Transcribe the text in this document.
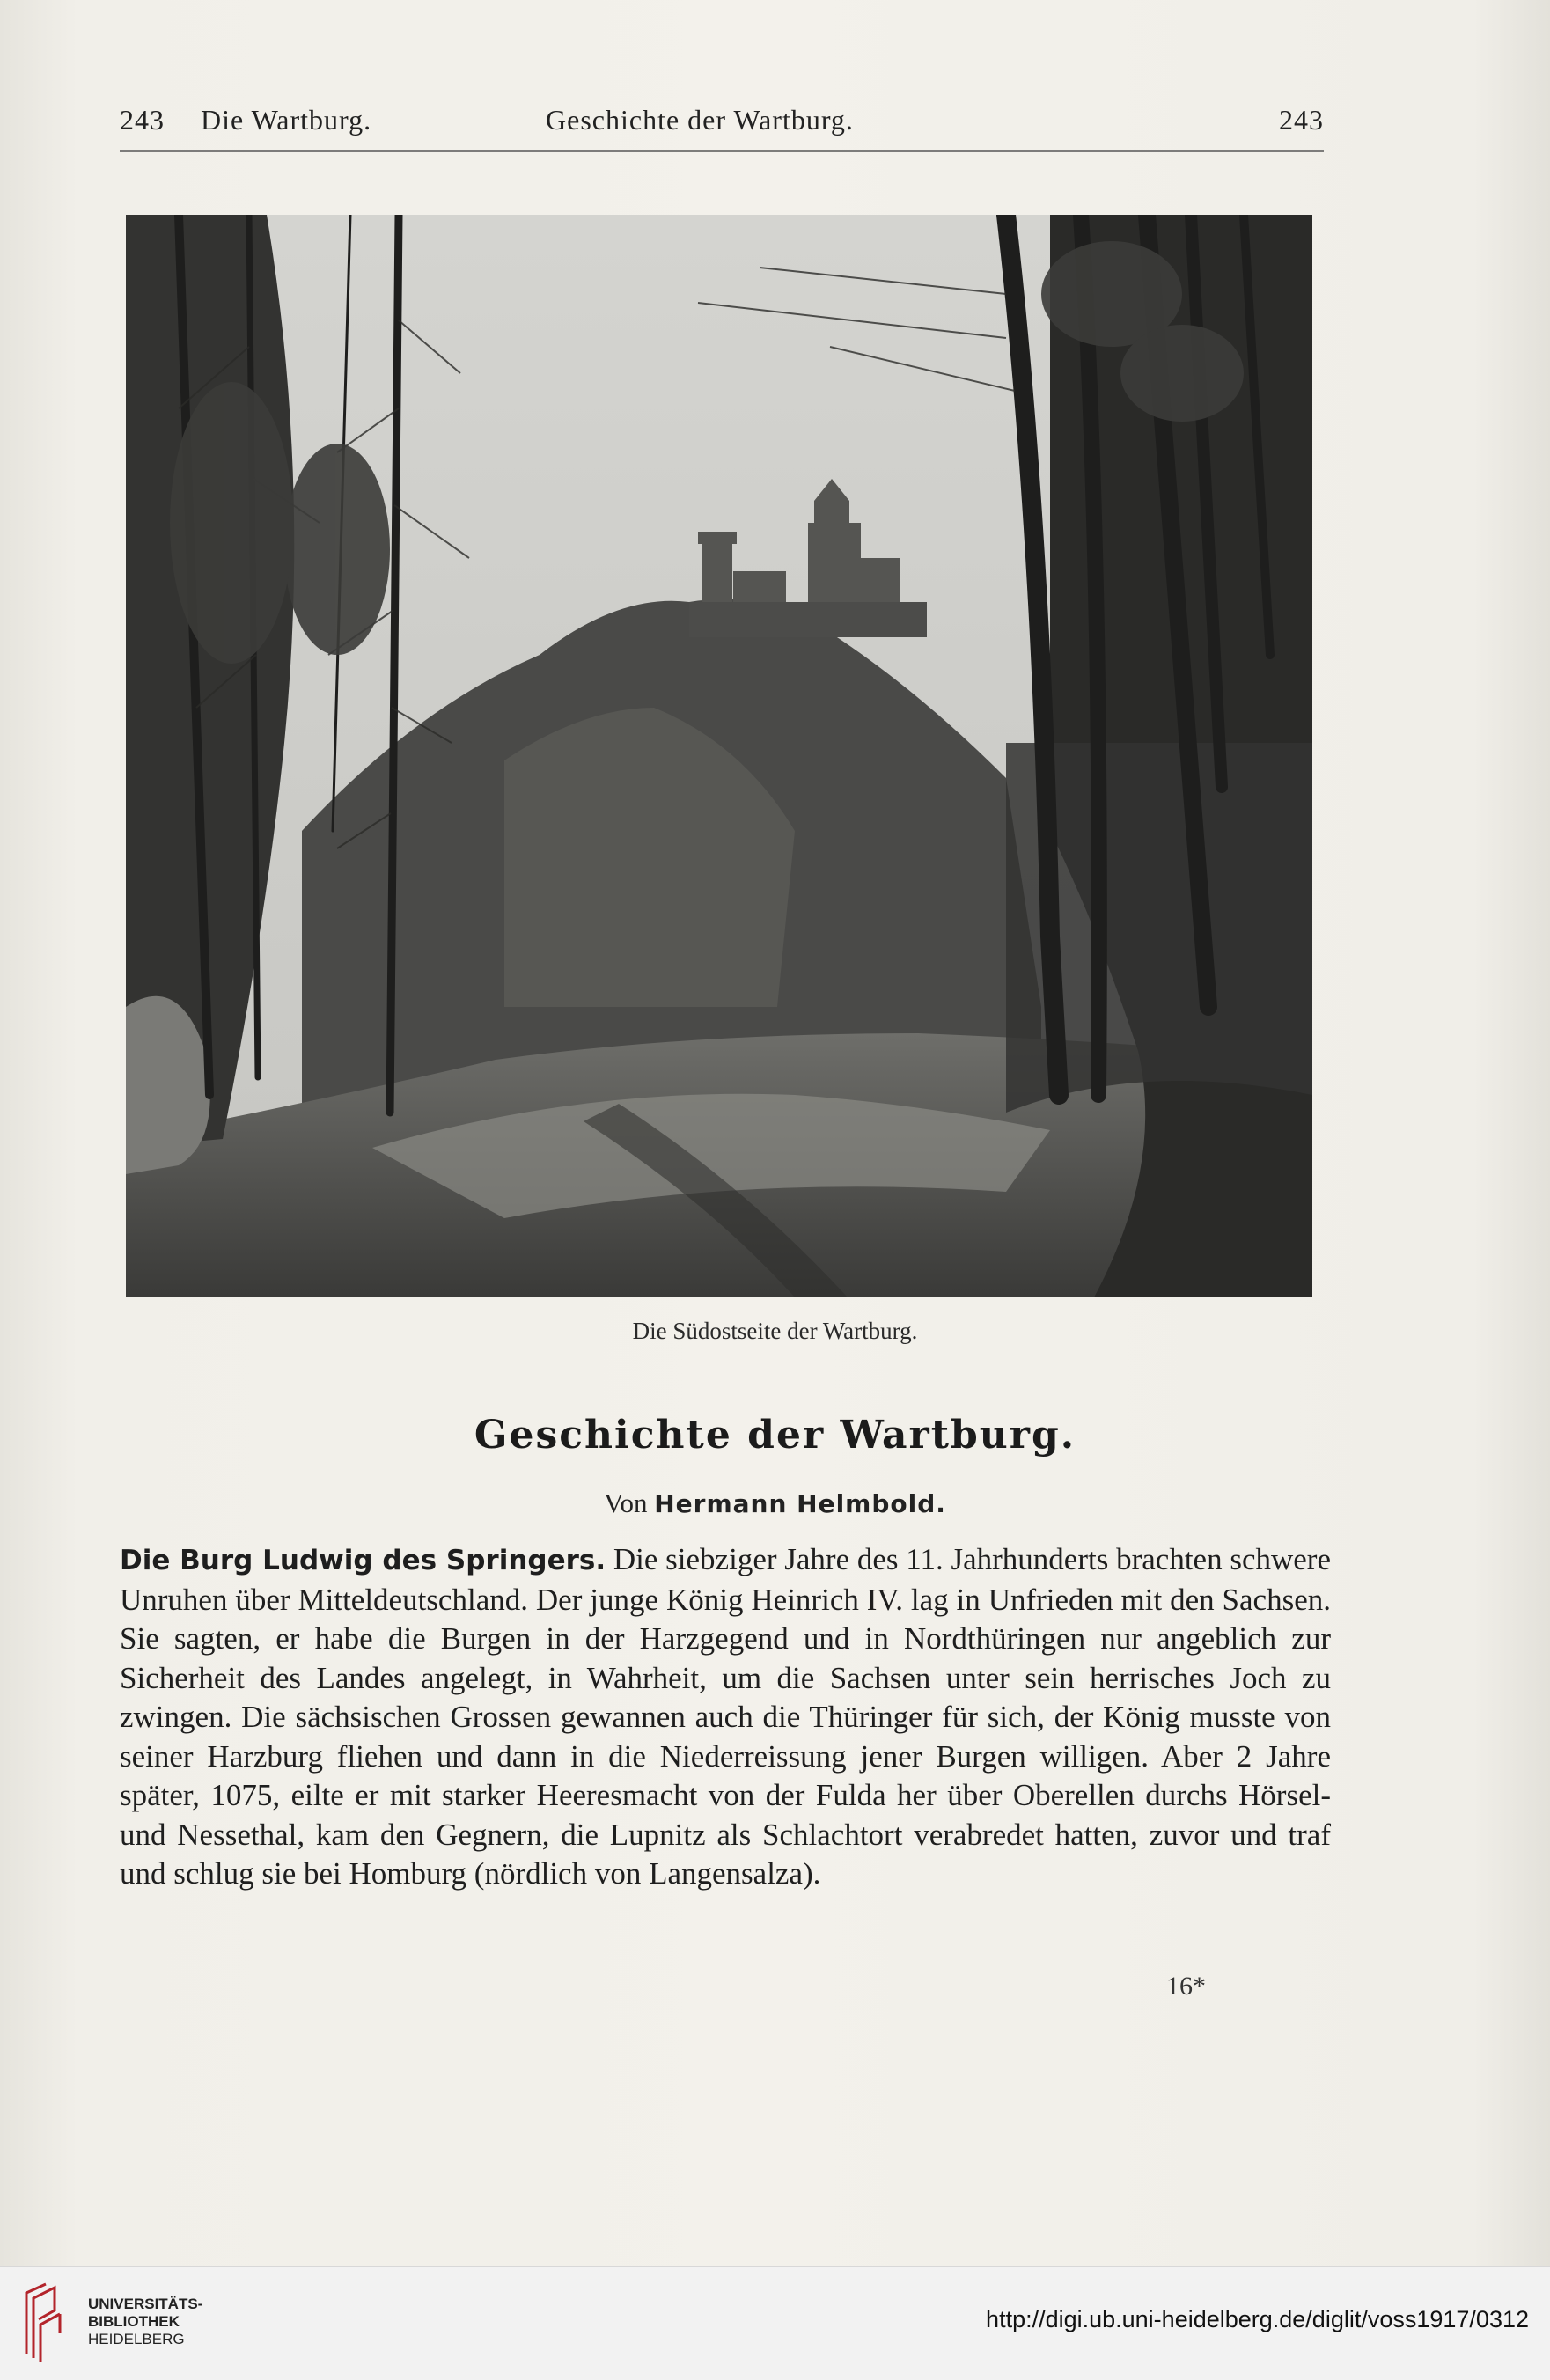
243 Die Wartburg.	Geschichte der Wartburg.	243
Die Südostseite der Wartburg.
Geschichte der Wartburg.
Von Hermann Helmbold.
Die Burg Ludwig des Springers. Die siebziger Jahre des 11. Jahrhunderts brachten schwere Unruhen über Mitteldeutschland. Der junge König Heinrich IV. lag in Unfrieden mit den Sachsen. Sie sagten, er habe die Burgen in der Harzgegend und in Nordthüringen nur angeblich zur Sicherheit des Landes angelegt, in Wahrheit, um die Sachsen unter sein herrisches Joch zu zwingen. Die sächsischen Grossen gewannen auch die Thüringer für sich, der König musste von seiner Harzburg fliehen und dann in die Niederreissung jener Burgen willigen. Aber 2 Jahre später, 1075, eilte er mit starker Heeresmacht von der Fulda her über Oberellen durchs Hörsel- und Nessethal, kam den Gegnern, die Lupnitz als Schlachtort verabredet hatten, zuvor und traf und schlug sie bei Homburg (nördlich von Langensalza).
16*
UNIVERSITÄTS-
BIBLIOTHEK
HEIDELBERG
http://digi.ub.uni-heidelberg.de/diglit/voss1917/0312
